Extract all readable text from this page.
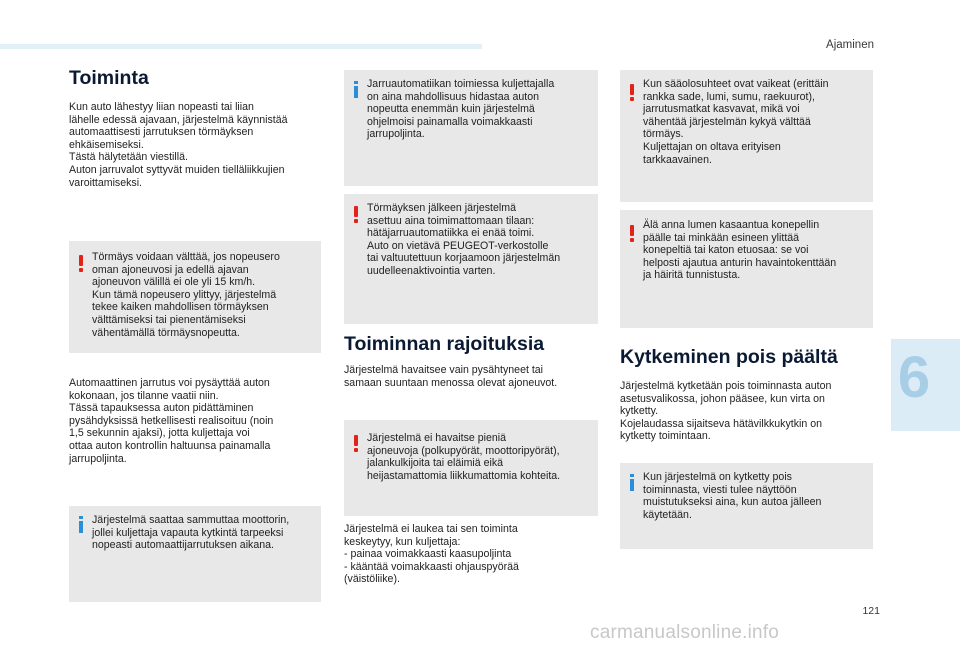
Ajaminen
6
Toiminta

Kun auto lähestyy liian nopeasti tai liian
lähelle edessä ajavaan, järjestelmä käynnistää
automaattisesti jarrutuksen törmäyksen
ehkäisemiseksi.
Tästä hälytetään viestillä.
Auton jarruvalot syttyvät muiden tielläliikkujien
varoittamiseksi.

Törmäys voidaan välttää, jos nopeusero
oman ajoneuvosi ja edellä ajavan
ajoneuvon välillä ei ole yli 15 km/h.
Kun tämä nopeusero ylittyy, järjestelmä
tekee kaiken mahdollisen törmäyksen
välttämiseksi tai pienentämiseksi
vähentämällä törmäysnopeutta.

Automaattinen jarrutus voi pysäyttää auton
kokonaan, jos tilanne vaatii niin.
Tässä tapauksessa auton pidättäminen
pysähdyksissä hetkellisesti realisoituu (noin
1,5 sekunnin ajaksi), jotta kuljettaja voi
ottaa auton kontrollin haltuunsa painamalla
jarrupoljinta.

Järjestelmä saattaa sammuttaa moottorin,
jollei kuljettaja vapauta kytkintä tarpeeksi
nopeasti automaattijarrutuksen aikana.
Jarruautomatiikan toimiessa kuljettajalla
on aina mahdollisuus hidastaa auton
nopeutta enemmän kuin järjestelmä
ohjelmoisi painamalla voimakkaasti
jarrupoljinta.
Törmäyksen jälkeen järjestelmä
asettuu aina toimimattomaan tilaan:
hätäjarruautomatiikka ei enää toimi.
Auto on vietävä PEUGEOT-verkostolle
tai valtuutettuun korjaamoon järjestelmän
uudelleenaktivointia varten.
Toiminnan rajoituksia

Järjestelmä havaitsee vain pysähtyneet tai
samaan suuntaan menossa olevat ajoneuvot.

Järjestelmä ei havaitse pieniä
ajoneuvoja (polkupyörät, moottoripyörät),
jalankulkijoita tai eläimiä eikä
heijastamattomia liikkumattomia kohteita.

Järjestelmä ei laukea tai sen toiminta
keskeytyy, kun kuljettaja:
- painaa voimakkaasti kaasupoljinta
- kääntää voimakkaasti ohjauspyörää
(väistöliike).

Kun sääolosuhteet ovat vaikeat (erittäin
rankka sade, lumi, sumu, raekuurot),
jarrutusmatkat kasvavat, mikä voi
vähentää järjestelmän kykyä välttää
törmäys.
Kuljettajan on oltava erityisen
tarkkaavainen.
Älä anna lumen kasaantua konepellin
päälle tai minkään esineen ylittää
konepeltiä tai katon etuosaa: se voi
helposti ajautua anturin havaintokenttään
ja häiritä tunnistusta.
Kytkeminen pois päältä

Järjestelmä kytketään pois toiminnasta auton
asetusvalikossa, johon pääsee, kun virta on
kytketty.
Kojelaudassa sijaitseva hätävilkkukytkin on
kytketty toimintaan.

Kun järjestelmä on kytketty pois
toiminnasta, viesti tulee näyttöön
muistutukseksi aina, kun autoa jälleen
käytetään.
121
carmanualsonline.info
